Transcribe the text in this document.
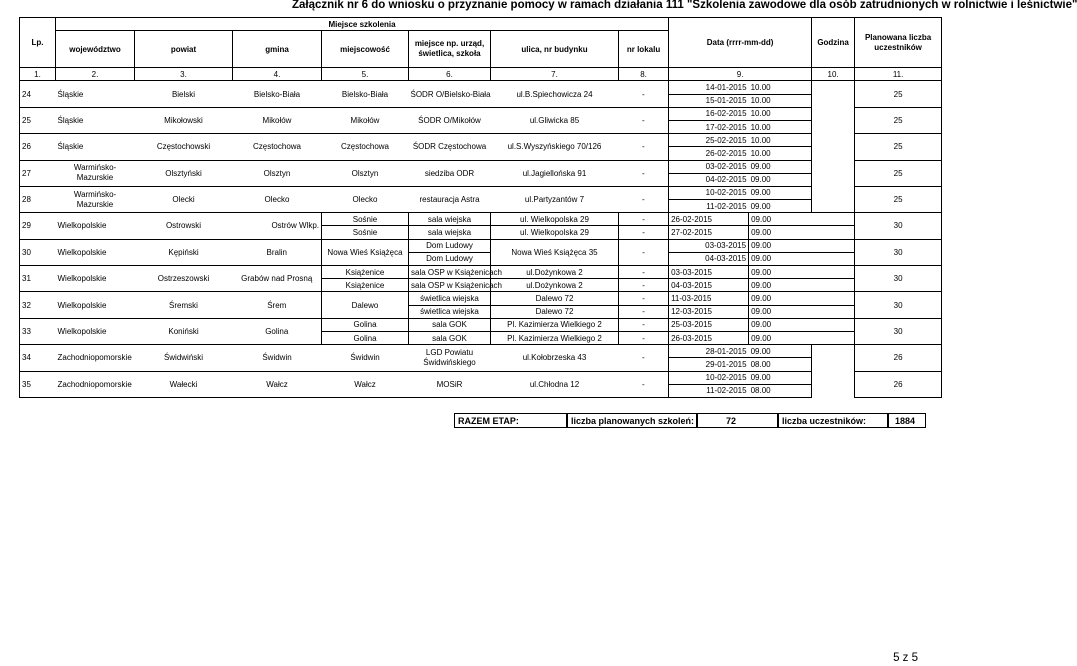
Załącznik nr 6 do wniosku o przyznanie pomocy w ramach działania 111 "Szkolenia zawodowe dla osób zatrudnionych w rolnictwie i leśnictwie"
Lp.	Miejsce szkolenia							Data (rrrr-mm-dd)		Godzina	Planowana liczba uczestników
	województwo	powiat	gmina	miejscowość	miejsce np. urząd, świetlica, szkoła	ulica, nr budynku	nr lokalu				
1.	2.	3.	4.	5.	6.	7.	8.	9.		10.	11.
24	Śląskie	Bielski	Bielsko-Biała	Bielsko-Biała	ŚODR O/Bielsko-Biała	ul.B.Spiechowicza 24	-	14-01-2015	10.00		25
								15-01-2015	10.00		
25	Śląskie	Mikołowski	Mikołów	Mikołów	ŚODR O/Mikołów	ul.Gliwicka 85	-	16-02-2015	10.00		25
								17-02-2015	10.00		
26	Śląskie	Częstochowski	Częstochowa	Częstochowa	ŚODR Częstochowa	ul.S.Wyszyńskiego 70/126	-	25-02-2015	10.00		25
								26-02-2015	10.00		
27	Warmińsko-Mazurskie	Olsztyński	Olsztyn	Olsztyn	siedziba ODR	ul.Jagiellońska 91	-	03-02-2015	09.00		25
								04-02-2015	09.00		
28	Warmińsko-Mazurskie	Olecki	Olecko	Olecko	restauracja Astra	ul.Partyzantów 7	-	10-02-2015	09.00		25
								11-02-2015	09.00		
29	Wielkopolskie	Ostrowski	Ostrów Wlkp.	Sośnie	sala wiejska	ul. Wielkopolska 29	-	26-02-2015	09.00		30
				Sośnie	sala wiejska	ul. Wielkopolska 29	-	27-02-2015	09.00		
30	Wielkopolskie	Kępiński	Bralin	Nowa Wieś Książęca	Dom Ludowy	Nowa Wieś Książęca 35	-	03-03-2015	09.00		30
					Dom Ludowy			04-03-2015	09.00		
31	Wielkopolskie	Ostrzeszowski	Grabów nad Prosną	Książenice	sala OSP w Książenicach	ul.Dożynkowa 2	-	03-03-2015	09.00		30
				Książenice	sala OSP w Książenicach	ul.Dożynkowa 2	-	04-03-2015	09.00		
32	Wielkopolskie	Śremski	Śrem	Dalewo	świetlica wiejska	Dalewo 72	-	11-03-2015	09.00		30
					świetlica wiejska	Dalewo 72	-	12-03-2015	09.00		
33	Wielkopolskie	Koniński	Golina	Golina	sala GOK	Pl. Kazimierza Wielkiego 2	-	25-03-2015	09.00		30
				Golina	sala GOK	Pl. Kazimierza Wielkiego 2	-	26-03-2015	09.00		
34	Zachodniopomorskie	Świdwiński	Świdwin	Świdwin	LGD Powiatu Świdwińskiego	ul.Kołobrzeska 43	-	28-01-2015	09.00		26
								29-01-2015	08.00		
35	Zachodniopomorskie	Wałecki	Wałcz	Wałcz	MOSiR	ul.Chłodna 12	-	10-02-2015	09.00		26
								11-02-2015	08.00		
RAZEM ETAP:	liczba planowanych szkoleń:	72	liczba uczestników:	1884
5 z 5
